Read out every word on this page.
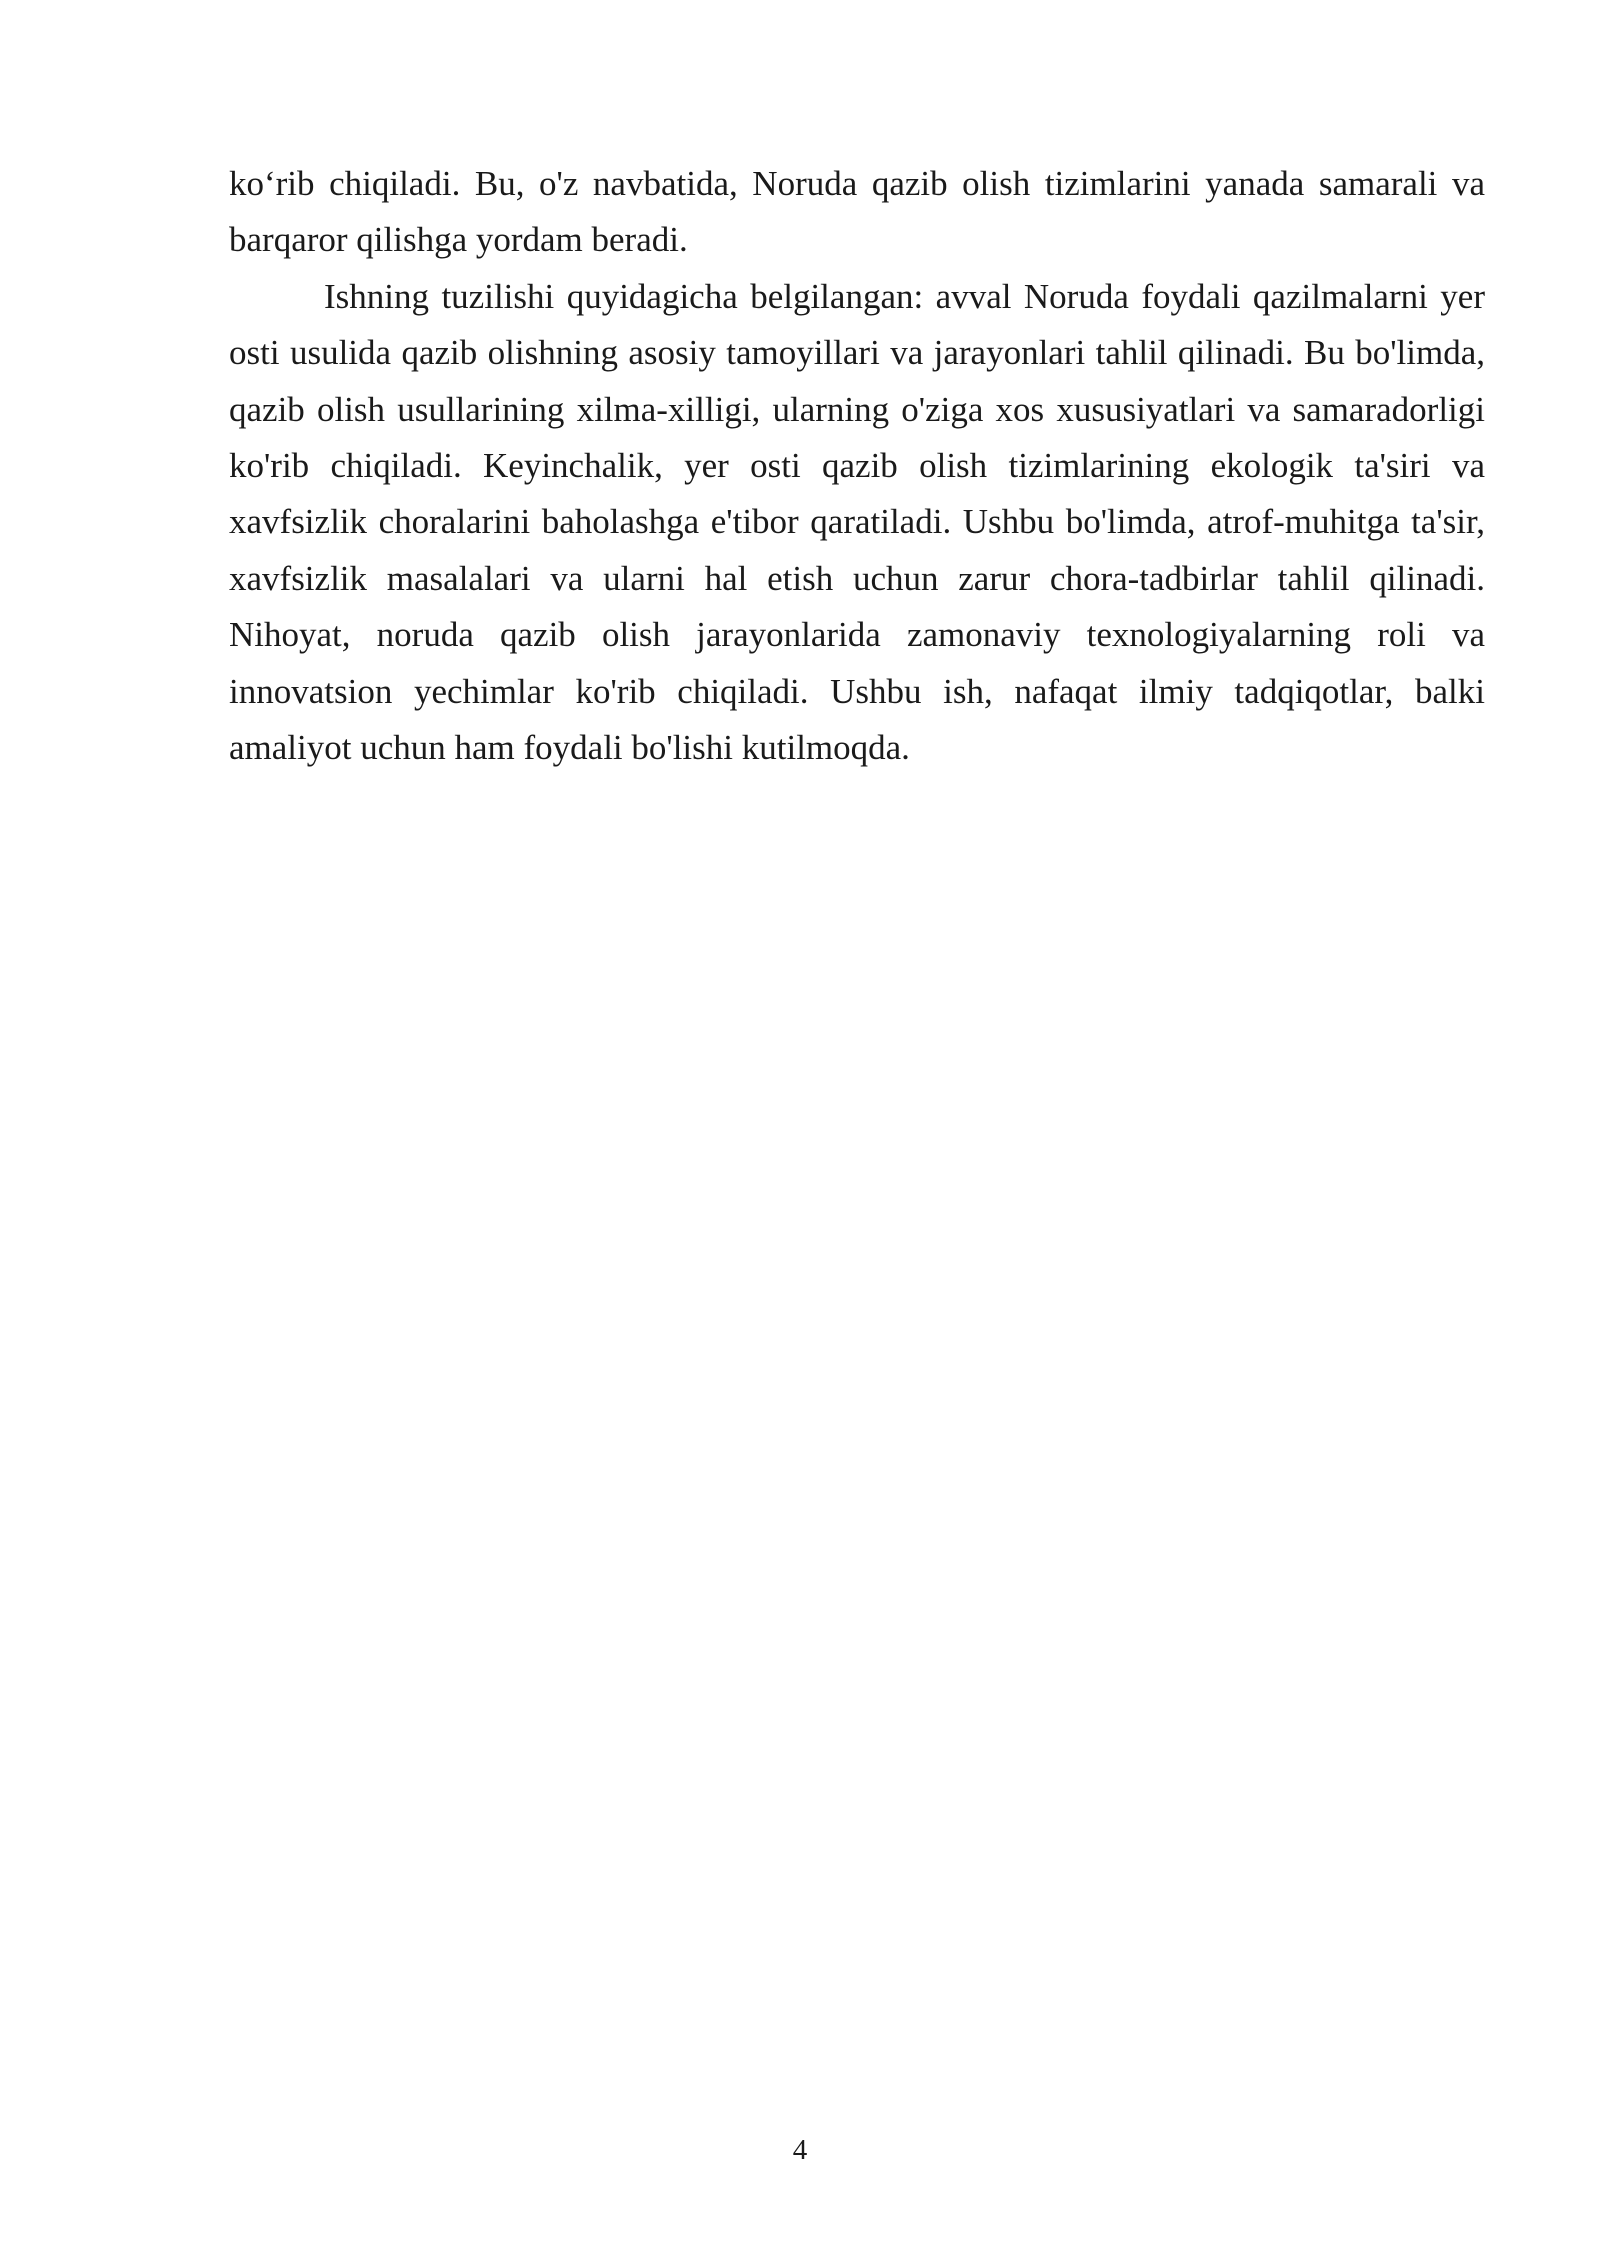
ko‘rib chiqiladi. Bu, o'z navbatida, Noruda qazib olish tizimlarini yanada samarali va barqaror qilishga yordam beradi.

Ishning tuzilishi quyidagicha belgilangan: avval Noruda foydali qazilmalarni yer osti usulida qazib olishning asosiy tamoyillari va jarayonlari tahlil qilinadi. Bu bo'limda, qazib olish usullarining xilma-xilligi, ularning o'ziga xos xususiyatlari va samaradorligi ko'rib chiqiladi. Keyinchalik, yer osti qazib olish tizimlarining ekologik ta'siri va xavfsizlik choralarini baholashga e'tibor qaratiladi. Ushbu bo'limda, atrof-muhitga ta'sir, xavfsizlik masalalari va ularni hal etish uchun zarur chora-tadbirlar tahlil qilinadi. Nihoyat, noruda qazib olish jarayonlarida zamonaviy texnologiyalarning roli va innovatsion yechimlar ko'rib chiqiladi. Ushbu ish, nafaqat ilmiy tadqiqotlar, balki amaliyot uchun ham foydali bo'lishi kutilmoqda.

4
